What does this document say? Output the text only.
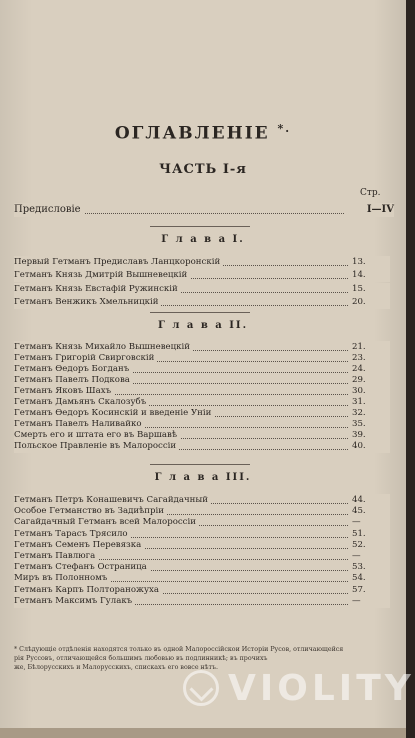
ОГЛАВЛЕНІЕ *.
ЧАСТЬ I-я
Стр.
Предисловіе	I—IV
Г л а в а I.
Первый Гетманъ Предиславъ Ланцкоронскій	13.
Гетманъ Князь Дмитрій Вышневецкій	14.
Гетманъ Князь Евстафій Ружинскій	15.
Гетманъ Венжикъ Хмельницкій	20.
Г л а в а II.
Гетманъ Князь Михайло Вышневецкій	21.
Гетманъ Григорій Свирговскій	23.
Гетманъ Ѳедоръ Богданъ	24.
Гетманъ Павелъ Подкова	29.
Гетманъ Яковъ Шахъ	30.
Гетманъ Дамьянъ Скалозубъ	31.
Гетманъ Ѳедоръ Косинскій и введеніе Уніи	32.
Гетманъ Павелъ Наливайко	35.
Смерть его и штата его въ Варшавѣ	39.
Польское Правленіе въ Малороссіи	40.
Г л а в а III.
Гетманъ Петръ Конашевичъ Сагайдачный	44.
Особое Гетманство въ Задиѣпріи	45.
Сагайдачный Гетманъ всей Малороссіи	—
Гетманъ Тарасъ Трясило	51.
Гетманъ Семенъ Перевязка	52.
Гетманъ Павлюга	—
Гетманъ Стефанъ Остраница	53.
Миръ въ Полонномъ	54.
Гетманъ Карпъ Полтораножуха	57.
Гетманъ Максимъ Гулакъ	—
* Слѣдующіе отдѣленія находятся только въ одной Малороссійскои Исторіи Русов, отличающейся
рія Руссовъ, отличающейся большимъ любовью въ подлинникѣ; въ прочихъ
же, Бѣлорусскихъ и Малорусскихъ, спискахъ его вовсе нѣтъ.
VIOLITY
